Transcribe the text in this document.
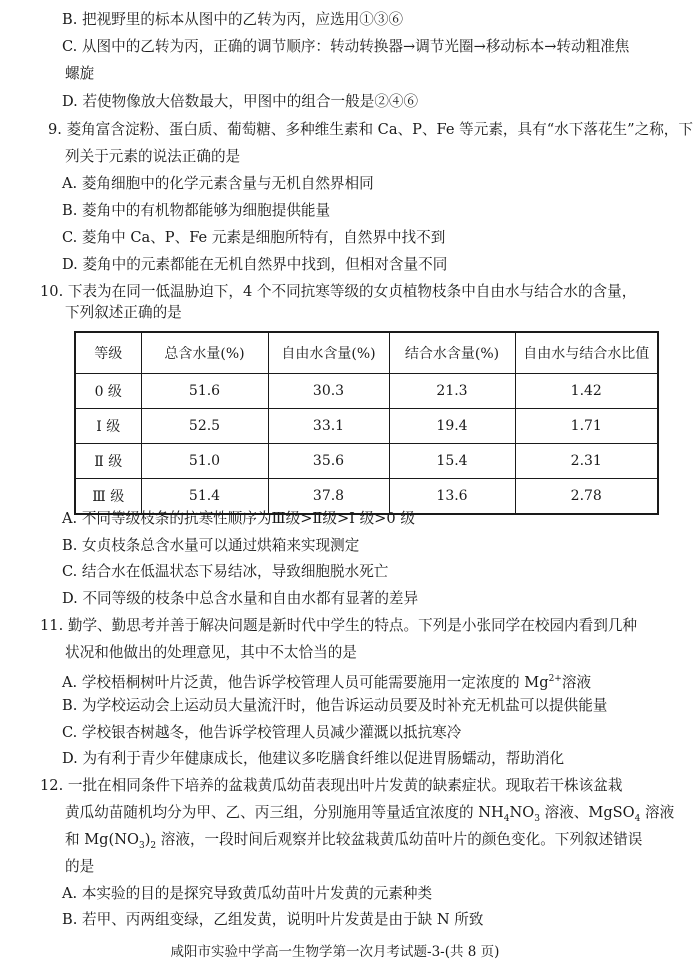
B. 把视野里的标本从图中的乙转为丙，应选用①③⑥
C. 从图中的乙转为丙，正确的调节顺序：转动转换器→调节光圈→移动标本→转动粗准焦
螺旋
D. 若使物像放大倍数最大，甲图中的组合一般是②④⑥
9. 菱角富含淀粉、蛋白质、葡萄糖、多种维生素和 Ca、P、Fe 等元素，具有“水下落花生”之称，下
列关于元素的说法正确的是
A. 菱角细胞中的化学元素含量与无机自然界相同
B. 菱角中的有机物都能够为细胞提供能量
C. 菱角中 Ca、P、Fe 元素是细胞所特有，自然界中找不到
D. 菱角中的元素都能在无机自然界中找到，但相对含量不同
10. 下表为在同一低温胁迫下，4 个不同抗寒等级的女贞植物枝条中自由水与结合水的含量，
下列叙述正确的是
等级	总含水量(%)	自由水含量(%)	结合水含量(%)	自由水与结合水比值
0 级	51.6	30.3	21.3	1.42
Ⅰ 级	52.5	33.1	19.4	1.71
Ⅱ 级	51.0	35.6	15.4	2.31
Ⅲ 级	51.4	37.8	13.6	2.78
A. 不同等级枝条的抗寒性顺序为Ⅲ级>Ⅱ级>Ⅰ 级>0 级
B. 女贞枝条总含水量可以通过烘箱来实现测定
C. 结合水在低温状态下易结冰，导致细胞脱水死亡
D. 不同等级的枝条中总含水量和自由水都有显著的差异
11. 勤学、勤思考并善于解决问题是新时代中学生的特点。下列是小张同学在校园内看到几种
状况和他做出的处理意见，其中不太恰当的是
A. 学校梧桐树叶片泛黄，他告诉学校管理人员可能需要施用一定浓度的 $Mg^{2+}$溶液
B. 为学校运动会上运动员大量流汗时，他告诉运动员要及时补充无机盐可以提供能量
C. 学校银杏树越冬，他告诉学校管理人员减少灌溉以抵抗寒冷
D. 为有利于青少年健康成长，他建议多吃膳食纤维以促进胃肠蠕动，帮助消化
12. 一批在相同条件下培养的盆栽黄瓜幼苗表现出叶片发黄的缺素症状。现取若干株该盆栽
黄瓜幼苗随机均分为甲、乙、丙三组，分别施用等量适宜浓度的 $NH_4NO_3$ 溶液、MgSO$_4$ 溶液
和 $Mg(NO_3)_2$ 溶液，一段时间后观察并比较盆栽黄瓜幼苗叶片的颜色变化。下列叙述错误
的是
A. 本实验的目的是探究导致黄瓜幼苗叶片发黄的元素种类
B. 若甲、丙两组变绿，乙组发黄，说明叶片发黄是由于缺 N 所致
咸阳市实验中学高一生物学第一次月考试题-3-(共 8 页)
